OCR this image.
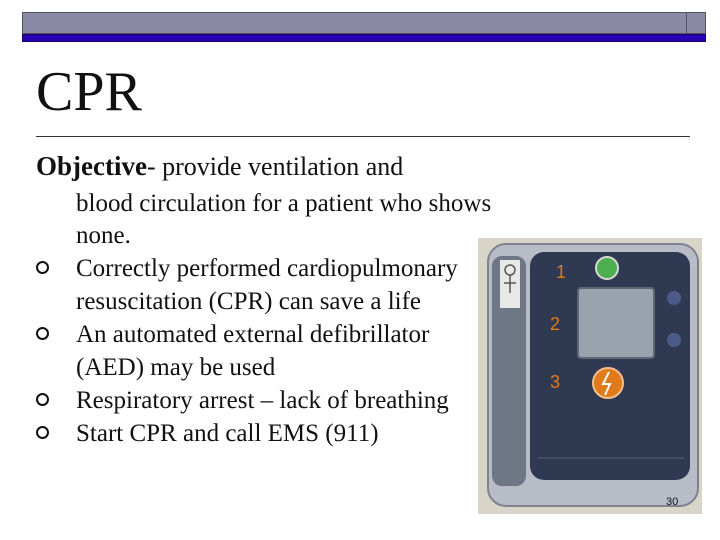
CPR
Objective- provide ventilation and
blood circulation for a patient who shows none.
Correctly performed cardiopulmonary resuscitation (CPR) can save a life
An automated external defibrillator (AED) may be used
Respiratory arrest – lack of breathing
Start CPR and call EMS (911)
1
2
3
30
